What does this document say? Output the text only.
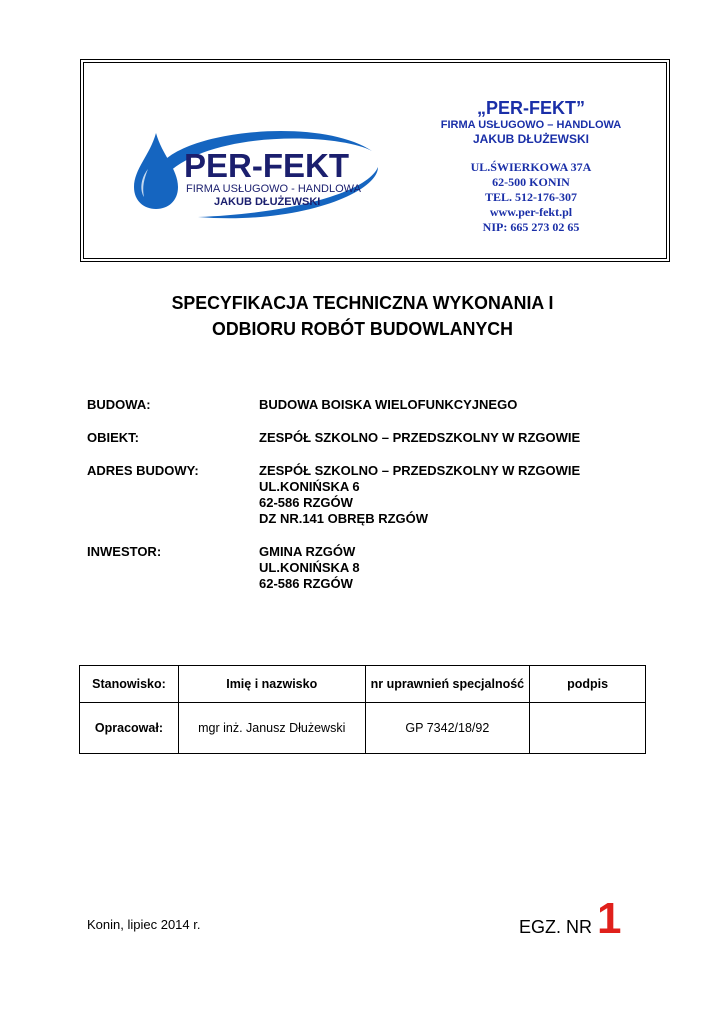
PER-FEKT
FIRMA USŁUGOWO - HANDLOWA
JAKUB DŁUŻEWSKI
„PER-FEKT”
FIRMA USŁUGOWO – HANDLOWA
JAKUB DŁUŻEWSKI
UL.ŚWIERKOWA 37A
62-500 KONIN
TEL. 512-176-307
www.per-fekt.pl
NIP: 665 273 02 65
SPECYFIKACJA TECHNICZNA WYKONANIA I
ODBIORU ROBÓT BUDOWLANYCH
BUDOWA:	BUDOWA BOISKA WIELOFUNKCYJNEGO
OBIEKT:	ZESPÓŁ SZKOLNO – PRZEDSZKOLNY W RZGOWIE
ADRES BUDOWY:	ZESPÓŁ SZKOLNO – PRZEDSZKOLNY W RZGOWIE
UL.KONIŃSKA 6
62-586 RZGÓW
DZ NR.141 OBRĘB RZGÓW
INWESTOR:	GMINA RZGÓW
UL.KONIŃSKA 8
62-586 RZGÓW
Stanowisko:	Imię i nazwisko	nr uprawnień specjalność	podpis
Opracował:	mgr inż. Janusz Dłużewski	GP 7342/18/92	
Konin, lipiec 2014 r.	EGZ. NR 1
